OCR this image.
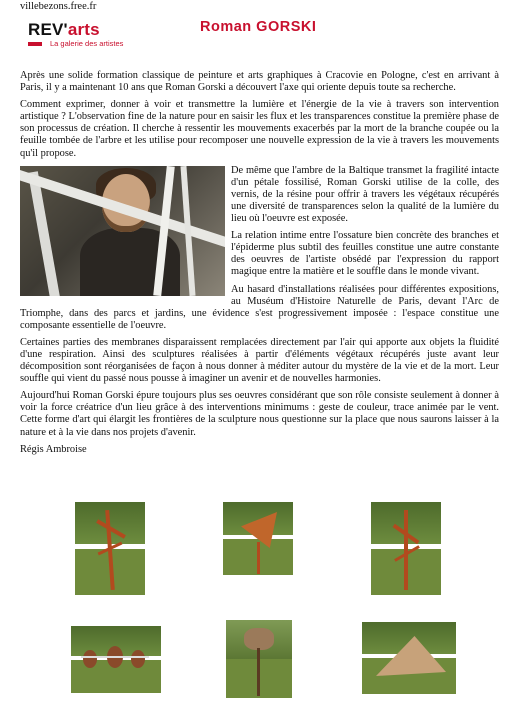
villebezons.free.fr
REV'arts
La galerie des artistes
Roman GORSKI

Après une solide formation classique de peinture et arts graphiques à Cracovie en Pologne, c'est en arrivant à Paris, il y a maintenant 10 ans que Roman Gorski a découvert l'axe qui oriente depuis toute sa recherche.

Comment exprimer, donner à voir et transmettre la lumière et l'énergie de la vie à travers son intervention artistique ? L'observation fine de la nature pour en saisir les flux et les transparences constitue la première phase de son processus de création. Il cherche à ressentir les mouvements exacerbés par la mort de la branche coupée ou la feuille tombée de l'arbre et les utilise pour recomposer une nouvelle expression de la vie à travers les mouvements qu'il propose.

De même que l'ambre de la Baltique transmet la fragilité intacte d'un pétale fossilisé, Roman Gorski utilise de la colle, des vernis, de la résine pour offrir à travers les végétaux récupérés une diversité de transparences selon la qualité de la lumière du lieu où l'oeuvre est exposée.

La relation intime entre l'ossature bien concrète des branches et l'épiderme plus subtil des feuilles constitue une autre constante des oeuvres de l'artiste obsédé par l'expression du rapport magique entre la matière et le souffle dans le monde vivant.

Au hasard d'installations réalisées pour différentes expositions, au Muséum d'Histoire Naturelle de Paris, devant l'Arc de Triomphe, dans des parcs et jardins, une évidence s'est progressivement imposée : l'espace constitue une composante essentielle de l'oeuvre.

Certaines parties des membranes disparaissent remplacées directement par l'air qui apporte aux objets la fluidité d'une respiration. Ainsi des sculptures réalisées à partir d'éléments végétaux récupérés juste avant leur décomposition sont réorganisées de façon à nous donner à méditer autour du mystère de la vie et de la mort. Leur souffle qui vient du passé nous pousse à imaginer un avenir et de nouvelles harmonies.

Aujourd'hui Roman Gorski épure toujours plus ses oeuvres considérant que son rôle consiste seulement à donner à voir la force créatrice d'un lieu grâce à des interventions minimums : geste de couleur, trace animée par le vent. Cette forme d'art qui élargit les frontières de la sculpture nous questionne sur la place que nous saurons laisser à la nature et à la vie dans nos projets d'avenir.

Régis Ambroise
